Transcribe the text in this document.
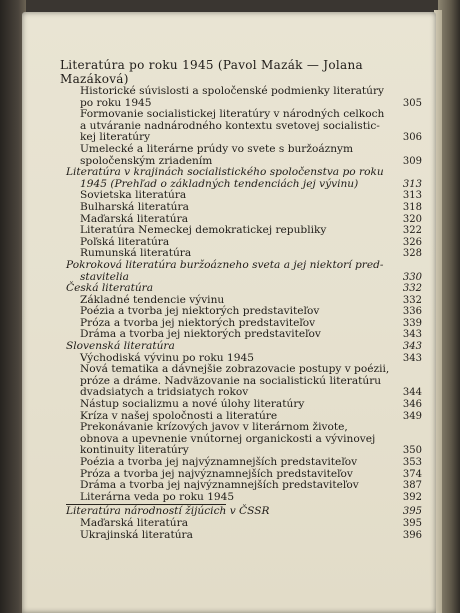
Literatúra po roku 1945 (Pavol Mazák — Jolana
Mazáková)
Historické súvislosti a spoločenské podmienky literatúry
po roku 1945	305
Formovanie socialistickej literatúry v národných celkoch
a utváranie nadnárodného kontextu svetovej socialistic-
kej literatúry	306
Umelecké a literárne prúdy vo svete s buržoáznym
spoločenským zriadením	309
Literatúra v krajinách socialistického spoločenstva po roku
1945 (Prehľad o základných tendenciách jej vývinu)	313
Sovietska literatúra	313
Bulharská literatúra	318
Maďarská literatúra	320
Literatúra Nemeckej demokratickej republiky	322
Poľská literatúra	326
Rumunská literatúra	328
Pokroková literatúra buržoázneho sveta a jej niektorí pred-
stavitelia	330
Česká literatúra	332
Základné tendencie vývinu	332
Poézia a tvorba jej niektorých predstaviteľov	336
Próza a tvorba jej niektorých predstaviteľov	339
Dráma a tvorba jej niektorých predstaviteľov	343
Slovenská literatúra	343
Východiská vývinu po roku 1945	343
Nová tematika a dávnejšie zobrazovacie postupy v poézii,
próze a dráme. Nadväzovanie na socialistickú literatúru
dvadsiatych a tridsiatych rokov	344
Nástup socializmu a nové úlohy literatúry	346
Kríza v našej spoločnosti a literatúre	349
Prekonávanie krízových javov v literárnom živote,
obnova a upevnenie vnútornej organickosti a vývinovej
kontinuity literatúry	350
Poézia a tvorba jej najvýznamnejších predstaviteľov	353
Próza a tvorba jej najvýznamnejších predstaviteľov	374
Dráma a tvorba jej najvýznamnejších predstaviteľov	387
Literárna veda po roku 1945	392
Literatúra národností žijúcich v ČSSR	395
Maďarská literatúra	395
Ukrajinská literatúra	396
